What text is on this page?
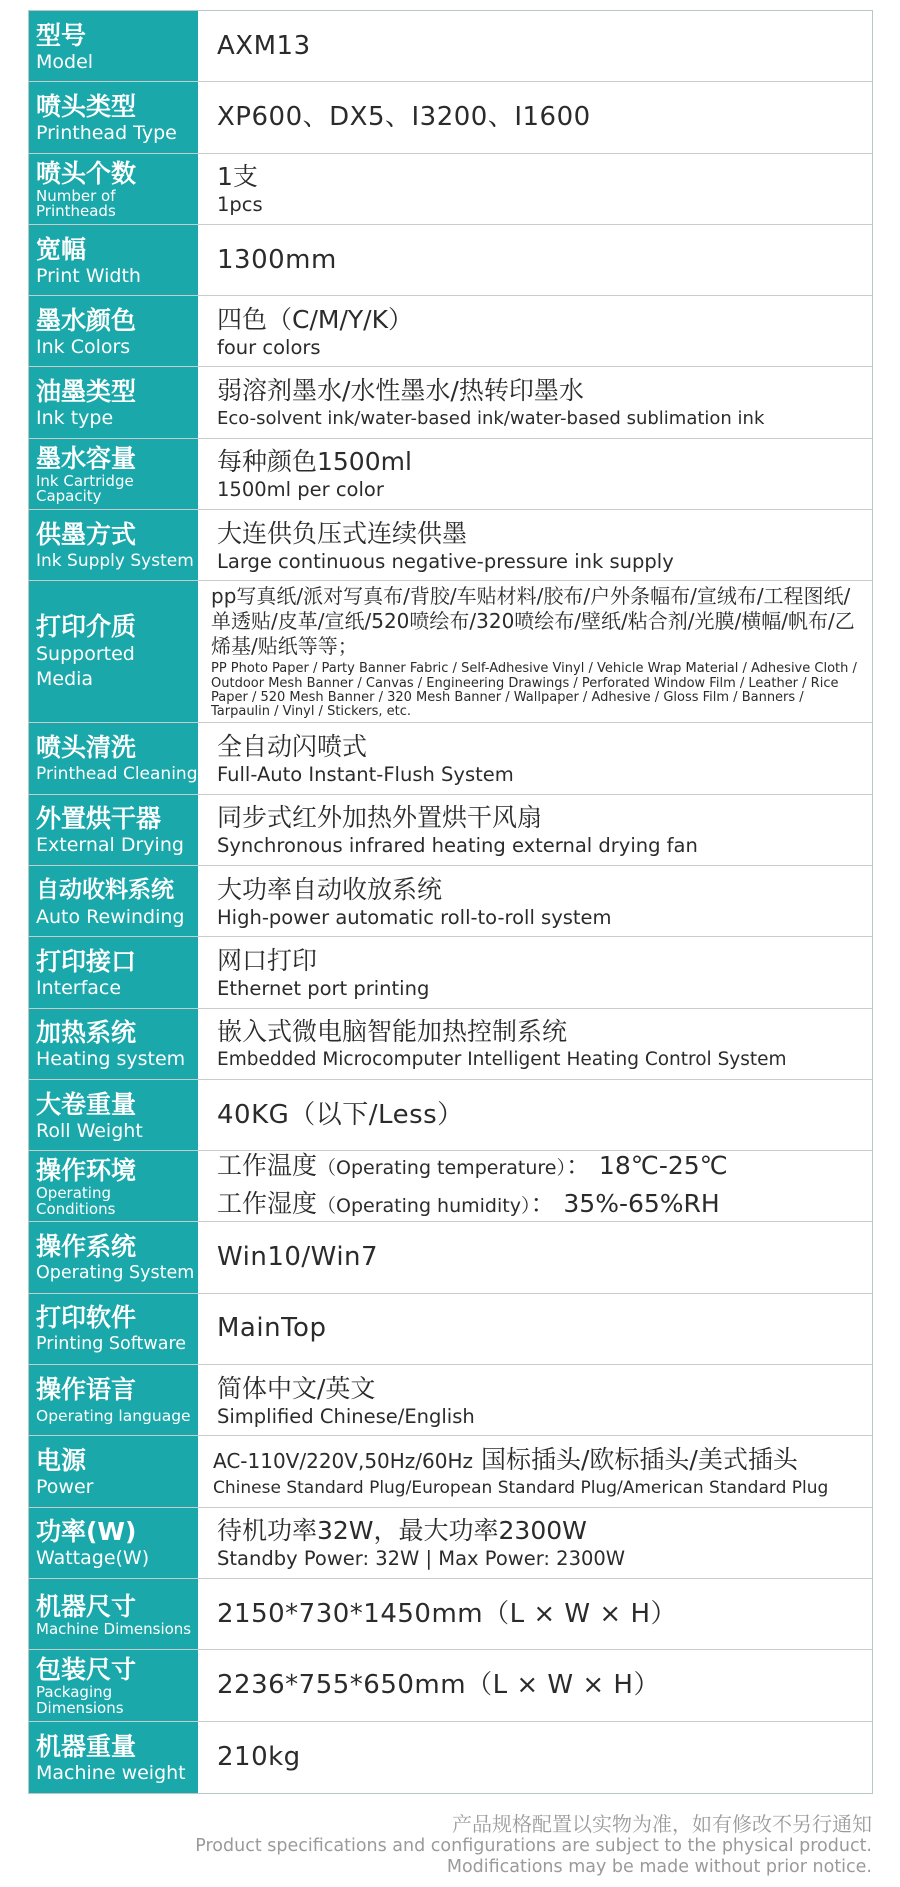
型号
Model
AXM13
喷头类型
Printhead Type
XP600、DX5、I3200、I1600
喷头个数
Number of Printheads
1支
1pcs
宽幅
Print Width
1300mm
墨水颜色
Ink Colors
四色（C/M/Y/K）
four colors
油墨类型
Ink type
弱溶剂墨水/水性墨水/热转印墨水
Eco-solvent ink/water-based ink/water-based sublimation ink
墨水容量
Ink Cartridge Capacity
每种颜色1500ml
1500ml per color
供墨方式
Ink Supply System
大连供负压式连续供墨
Large continuous negative-pressure ink supply
打印介质
Supported Media
pp写真纸/派对写真布/背胶/车贴材料/胶布/户外条幅布/宣绒布/工程图纸/单透贴/皮革/宣纸/520喷绘布/320喷绘布/壁纸/粘合剂/光膜/横幅/帆布/乙烯基/贴纸等等；
PP Photo Paper / Party Banner Fabric / Self-Adhesive Vinyl / Vehicle Wrap Material / Adhesive Cloth / Outdoor Mesh Banner / Canvas / Engineering Drawings / Perforated Window Film / Leather / Rice Paper / 520 Mesh Banner / 320 Mesh Banner / Wallpaper / Adhesive / Gloss Film / Banners / Tarpaulin / Vinyl / Stickers, etc.
喷头清洗
Printhead Cleaning
全自动闪喷式
Full-Auto Instant-Flush System
外置烘干器
External Drying
同步式红外加热外置烘干风扇
Synchronous infrared heating external drying fan
自动收料系统
Auto Rewinding
大功率自动收放系统
High-power automatic roll-to-roll system
打印接口
Interface
网口打印
Ethernet port printing
加热系统
Heating system
嵌入式微电脑智能加热控制系统
Embedded Microcomputer Intelligent Heating Control System
大卷重量
Roll Weight
40KG（以下/Less）
操作环境
Operating Conditions
工作温度（Operating temperature）： 18℃-25℃
工作湿度（Operating humidity）： 35%-65%RH
操作系统
Operating System
Win10/Win7
打印软件
Printing Software
MainTop
操作语言
Operating language
简体中文/英文
Simplified Chinese/English
电源
Power
AC-110V/220V,50Hz/60Hz 国标插头/欧标插头/美式插头
Chinese Standard Plug/European Standard Plug/American Standard Plug
功率(W)
Wattage(W)
待机功率32W，最大功率2300W
Standby Power: 32W | Max Power: 2300W
机器尺寸
Machine Dimensions
2150*730*1450mm（L × W × H）
包装尺寸
Packaging Dimensions
2236*755*650mm（L × W × H）
机器重量
Machine weight
210kg
产品规格配置以实物为准，如有修改不另行通知
Product specifications and configurations are subject to the physical product.
Modifications may be made without prior notice.
